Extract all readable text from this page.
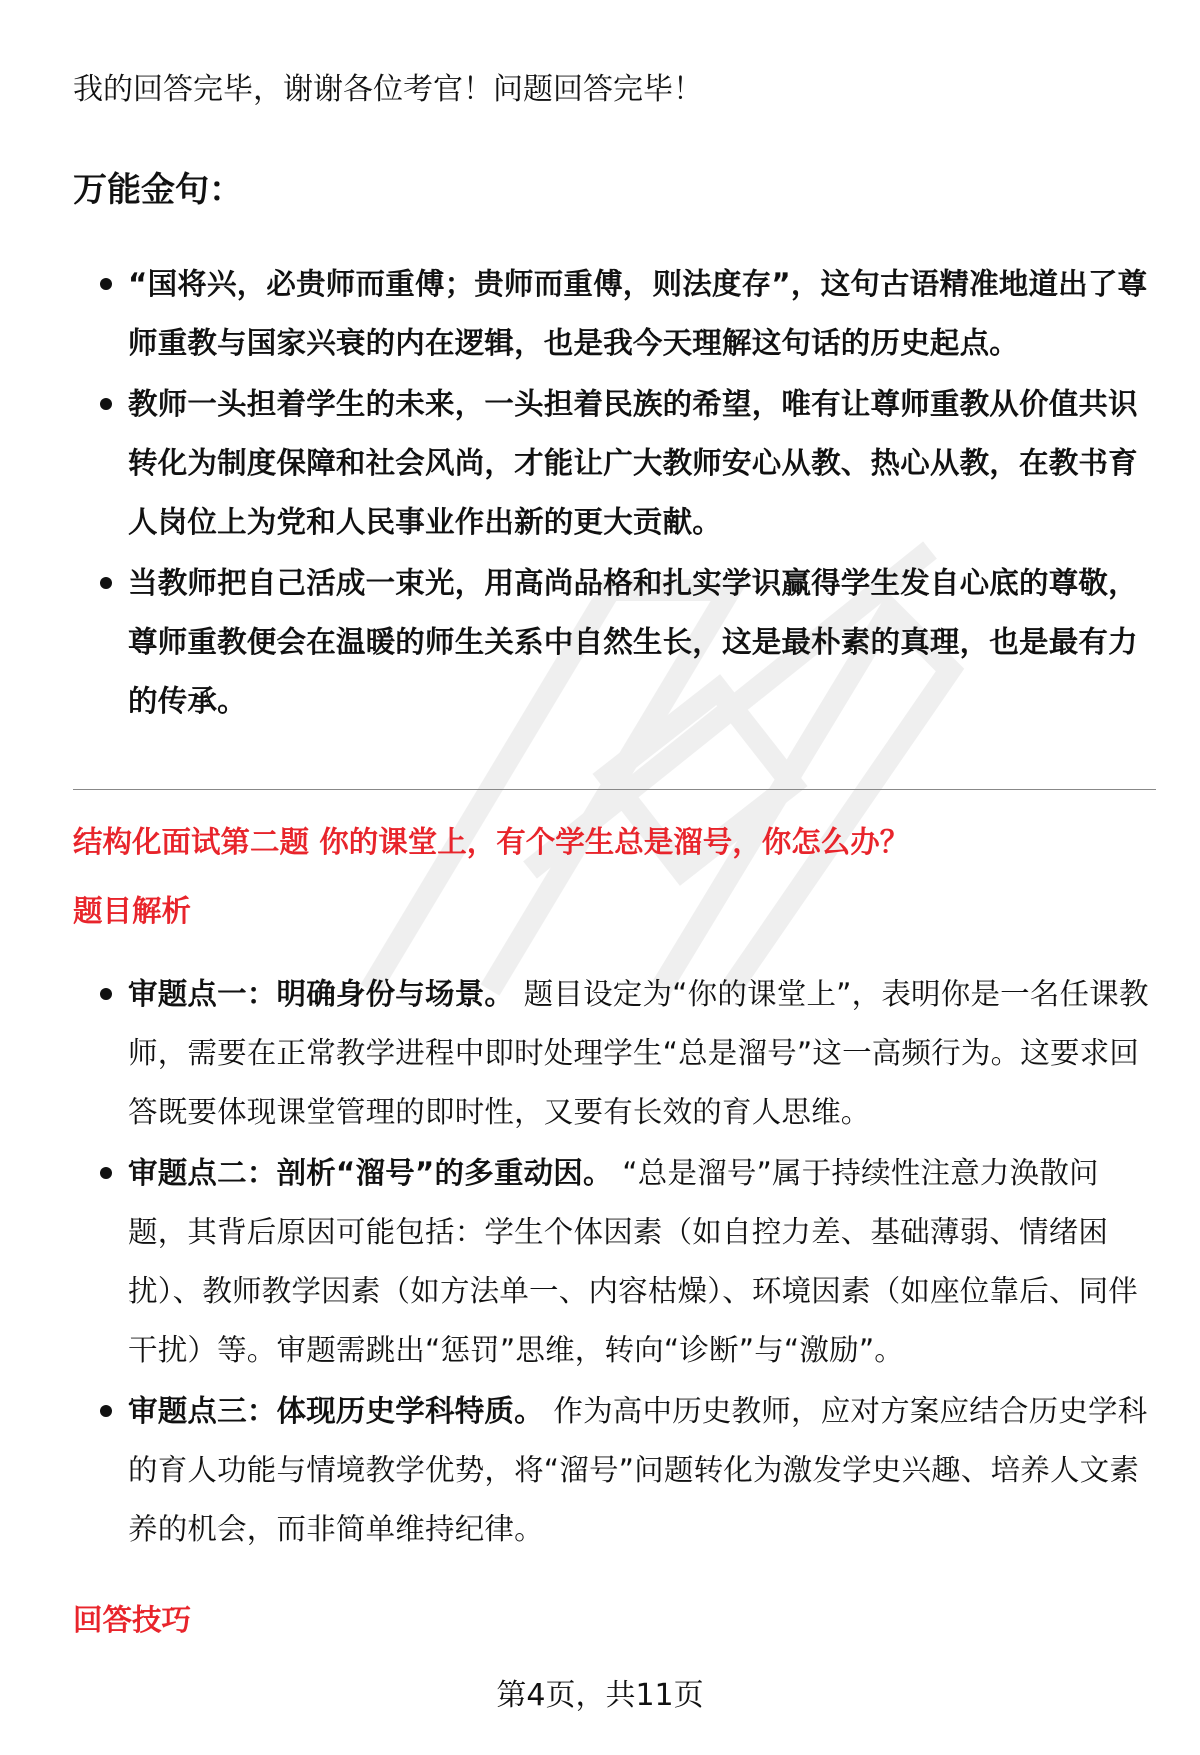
我的回答完毕，谢谢各位考官！问题回答完毕！
万能金句：
“国将兴，必贵师而重傅；贵师而重傅，则法度存”，这句古语精准地道出了尊师重教与国家兴衰的内在逻辑，也是我今天理解这句话的历史起点。
教师一头担着学生的未来，一头担着民族的希望，唯有让尊师重教从价值共识转化为制度保障和社会风尚，才能让广大教师安心从教、热心从教，在教书育人岗位上为党和人民事业作出新的更大贡献。
当教师把自己活成一束光，用高尚品格和扎实学识赢得学生发自心底的尊敬，尊师重教便会在温暖的师生关系中自然生长，这是最朴素的真理，也是最有力的传承。
结构化面试第二题 你的课堂上，有个学生总是溜号，你怎么办？
题目解析
审题点一：明确身份与场景。 题目设定为“你的课堂上”，表明你是一名任课教师，需要在正常教学进程中即时处理学生“总是溜号”这一高频行为。这要求回答既要体现课堂管理的即时性，又要有长效的育人思维。
审题点二：剖析“溜号”的多重动因。 “总是溜号”属于持续性注意力涣散问题，其背后原因可能包括：学生个体因素（如自控力差、基础薄弱、情绪困扰）、教师教学因素（如方法单一、内容枯燥）、环境因素（如座位靠后、同伴干扰）等。审题需跳出“惩罚”思维，转向“诊断”与“激励”。
审题点三：体现历史学科特质。 作为高中历史教师，应对方案应结合历史学科的育人功能与情境教学优势，将“溜号”问题转化为激发学史兴趣、培养人文素养的机会，而非简单维持纪律。
回答技巧
第4页，共11页
